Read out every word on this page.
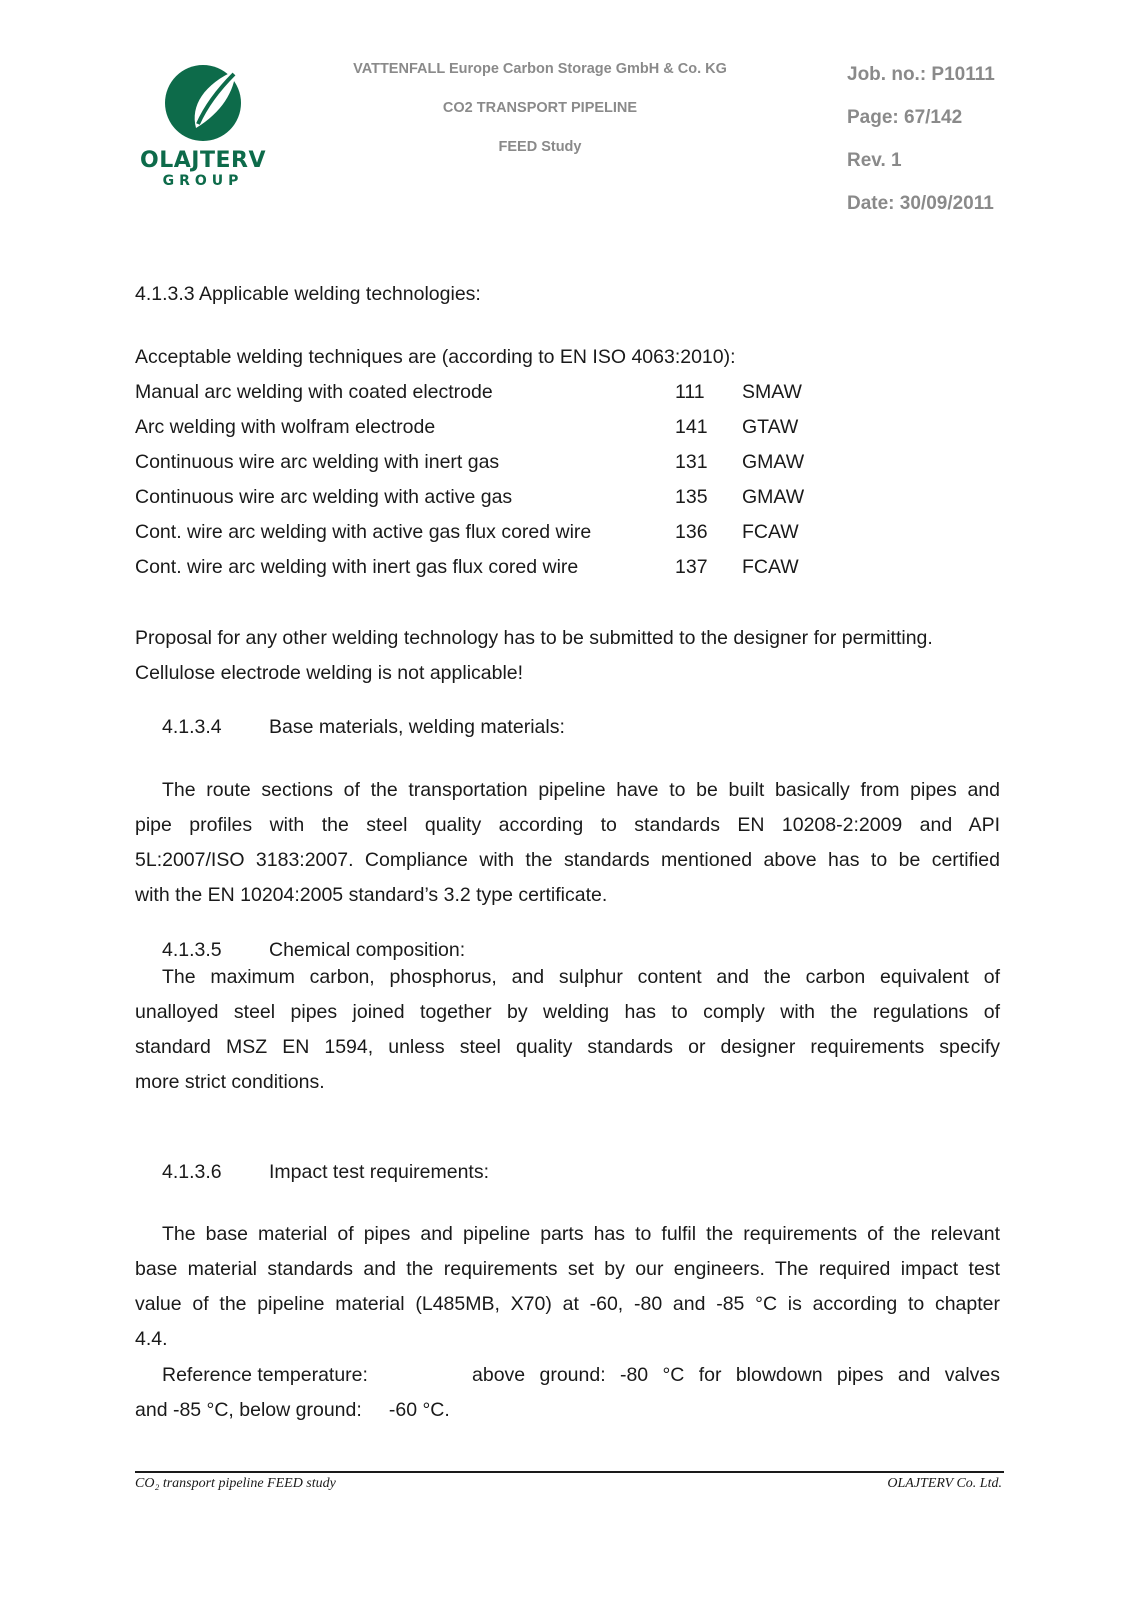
OLAJTERV
GROUP
VATTENFALL Europe Carbon Storage GmbH & Co. KG
CO2 TRANSPORT PIPELINE
FEED Study
Job. no.: P10111
Page: 67/142
Rev. 1
Date: 30/09/2011
4.1.3.3 Applicable welding technologies:
Acceptable welding techniques are (according to EN ISO 4063:2010):
Manual arc welding with coated electrode	111 SMAW
Arc welding with wolfram electrode	141 GTAW
Continuous wire arc welding with inert gas	131 GMAW
Continuous wire arc welding with active gas	135 GMAW
Cont. wire arc welding with active gas flux cored wire	136 FCAW
Cont. wire arc welding with inert gas flux cored wire	137 FCAW
Proposal for any other welding technology has to be submitted to the designer for permitting.
Cellulose electrode welding is not applicable!
4.1.3.4 Base materials, welding materials:
The route sections of the transportation pipeline have to be built basically from pipes and
pipe profiles with the steel quality according to standards EN 10208-2:2009 and API
5L:2007/ISO 3183:2007. Compliance with the standards mentioned above has to be certified
with the EN 10204:2005 standard’s 3.2 type certificate.
4.1.3.5 Chemical composition:
The maximum carbon, phosphorus, and sulphur content and the carbon equivalent of
unalloyed steel pipes joined together by welding has to comply with the regulations of
standard MSZ EN 1594, unless steel quality standards or designer requirements specify
more strict conditions.
4.1.3.6 Impact test requirements:
The base material of pipes and pipeline parts has to fulfil the requirements of the relevant
base material standards and the requirements set by our engineers. The required impact test
value of the pipeline material (L485MB, X70) at -60, -80 and -85 °C is according to chapter
4.4.
Reference temperature:	above ground: -80 °C for blowdown pipes and valves
and -85 °C, below ground:     -60 °C.
CO₂ transport pipeline FEED study	OLAJTERV Co. Ltd.
